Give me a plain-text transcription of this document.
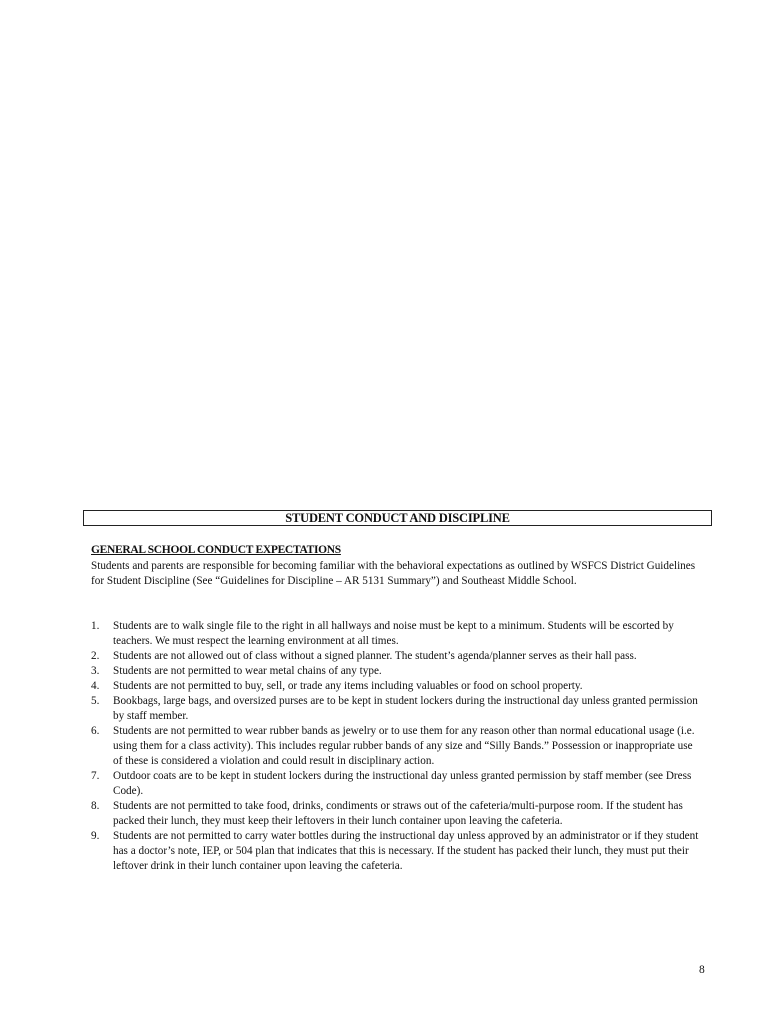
STUDENT CONDUCT AND DISCIPLINE
GENERAL SCHOOL CONDUCT EXPECTATIONS
Students and parents are responsible for becoming familiar with the behavioral expectations as outlined by WSFCS District Guidelines for Student Discipline (See “Guidelines for Discipline – AR 5131 Summary”) and Southeast Middle School.
1.	Students are to walk single file to the right in all hallways and noise must be kept to a minimum. Students will be escorted by teachers. We must respect the learning environment at all times.
2.	Students are not allowed out of class without a signed planner. The student’s agenda/planner serves as their hall pass.
3.	Students are not permitted to wear metal chains of any type.
4.	Students are not permitted to buy, sell, or trade any items including valuables or food on school property.
5.	Bookbags, large bags, and oversized purses are to be kept in student lockers during the instructional day unless granted permission by staff member.
6.	Students are not permitted to wear rubber bands as jewelry or to use them for any reason other than normal educational usage (i.e. using them for a class activity). This includes regular rubber bands of any size and “Silly Bands.” Possession or inappropriate use of these is considered a violation and could result in disciplinary action.
7.	Outdoor coats are to be kept in student lockers during the instructional day unless granted permission by staff member (see Dress Code).
8.	Students are not permitted to take food, drinks, condiments or straws out of the cafeteria/multi-purpose room. If the student has packed their lunch, they must keep their leftovers in their lunch container upon leaving the cafeteria.
9.	Students are not permitted to carry water bottles during the instructional day unless approved by an administrator or if they student has a doctor’s note, IEP, or 504 plan that indicates that this is necessary. If the student has packed their lunch, they must put their leftover drink in their lunch container upon leaving the cafeteria.
8
